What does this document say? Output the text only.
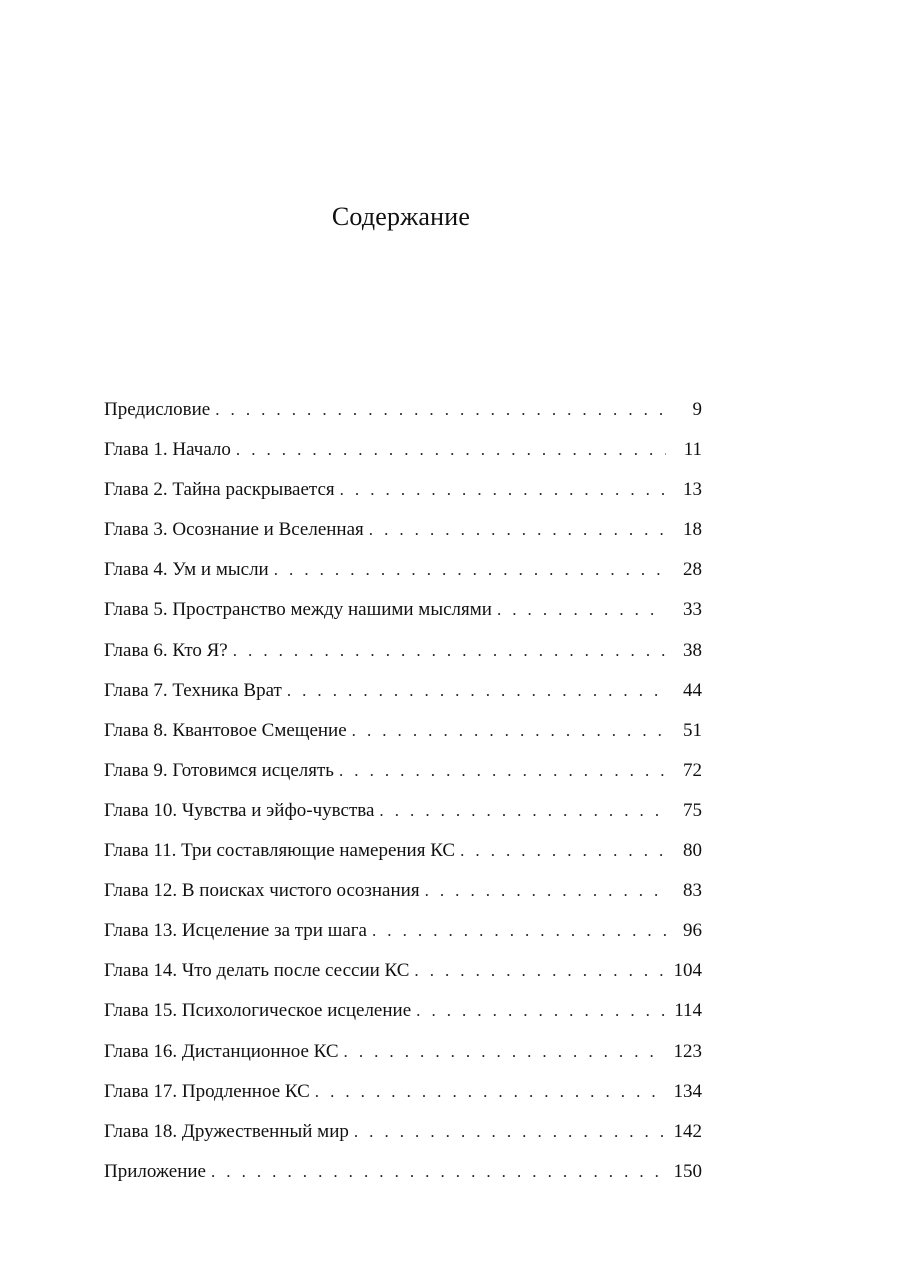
Содержание
Предисловие . . .	9
Глава 1. Начало . . .	11
Глава 2. Тайна раскрывается . . .	13
Глава 3. Осознание и Вселенная . . .	18
Глава 4. Ум и мысли . . .	28
Глава 5. Пространство между нашими мыслями . . .	33
Глава 6. Кто Я? . . .	38
Глава 7. Техника Врат . . .	44
Глава 8. Квантовое Смещение . . .	51
Глава 9. Готовимся исцелять . . .	72
Глава 10. Чувства и эйфо-чувства . . .	75
Глава 11. Три составляющие намерения КС . . .	80
Глава 12. В поисках чистого осознания . . .	83
Глава 13. Исцеление за три шага . . .	96
Глава 14. Что делать после сессии КС . . .	104
Глава 15. Психологическое исцеление . . .	114
Глава 16. Дистанционное КС . . .	123
Глава 17. Продленное КС . . .	134
Глава 18. Дружественный мир . . .	142
Приложение . . .	150
